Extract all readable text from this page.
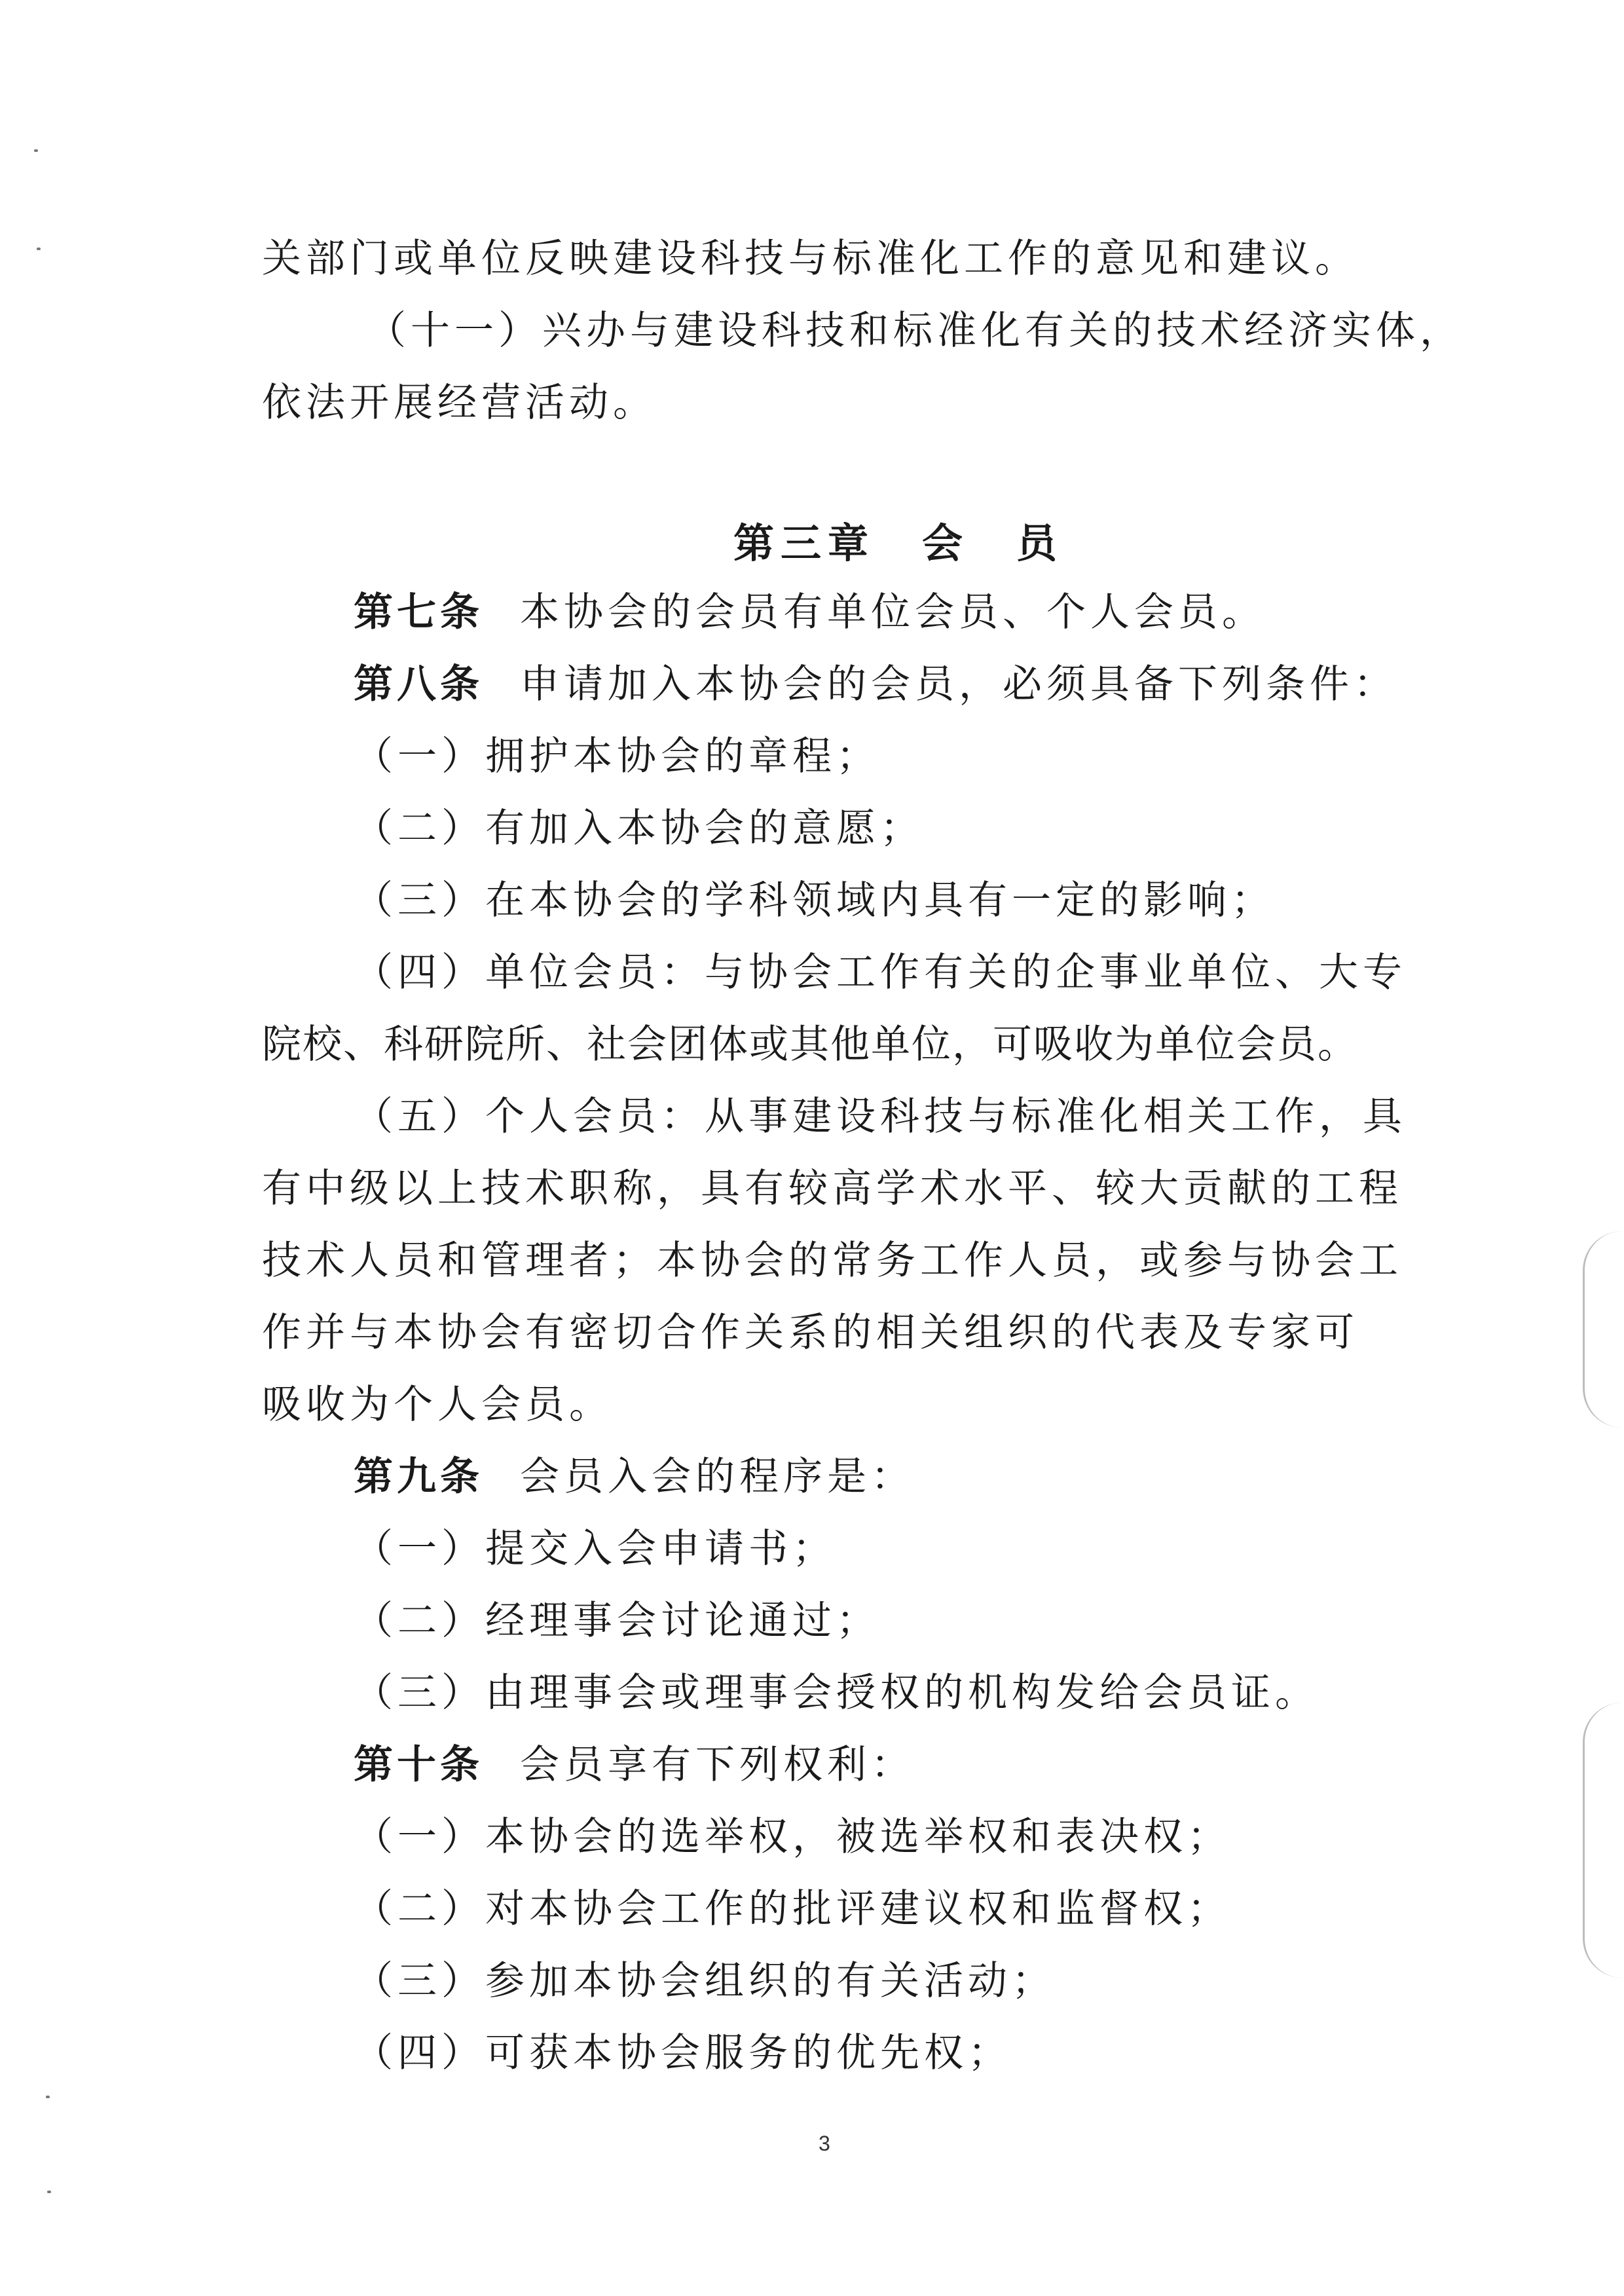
关部门或单位反映建设科技与标准化工作的意见和建议。
（十一）兴办与建设科技和标准化有关的技术经济实体，
依法开展经营活动。
第三章　会　员
第七条 本协会的会员有单位会员、个人会员。
第八条 申请加入本协会的会员，必须具备下列条件：
（一）拥护本协会的章程；
（二）有加入本协会的意愿；
（三）在本协会的学科领域内具有一定的影响；
（四）单位会员：与协会工作有关的企事业单位、大专
院校、科研院所、社会团体或其他单位，可吸收为单位会员。
（五）个人会员：从事建设科技与标准化相关工作，具
有中级以上技术职称，具有较高学术水平、较大贡献的工程
技术人员和管理者；本协会的常务工作人员，或参与协会工
作并与本协会有密切合作关系的相关组织的代表及专家可
吸收为个人会员。
第九条 会员入会的程序是：
（一）提交入会申请书；
（二）经理事会讨论通过；
（三）由理事会或理事会授权的机构发给会员证。
第十条 会员享有下列权利：
（一）本协会的选举权，被选举权和表决权；
（二）对本协会工作的批评建议权和监督权；
（三）参加本协会组织的有关活动；
（四）可获本协会服务的优先权；
3
